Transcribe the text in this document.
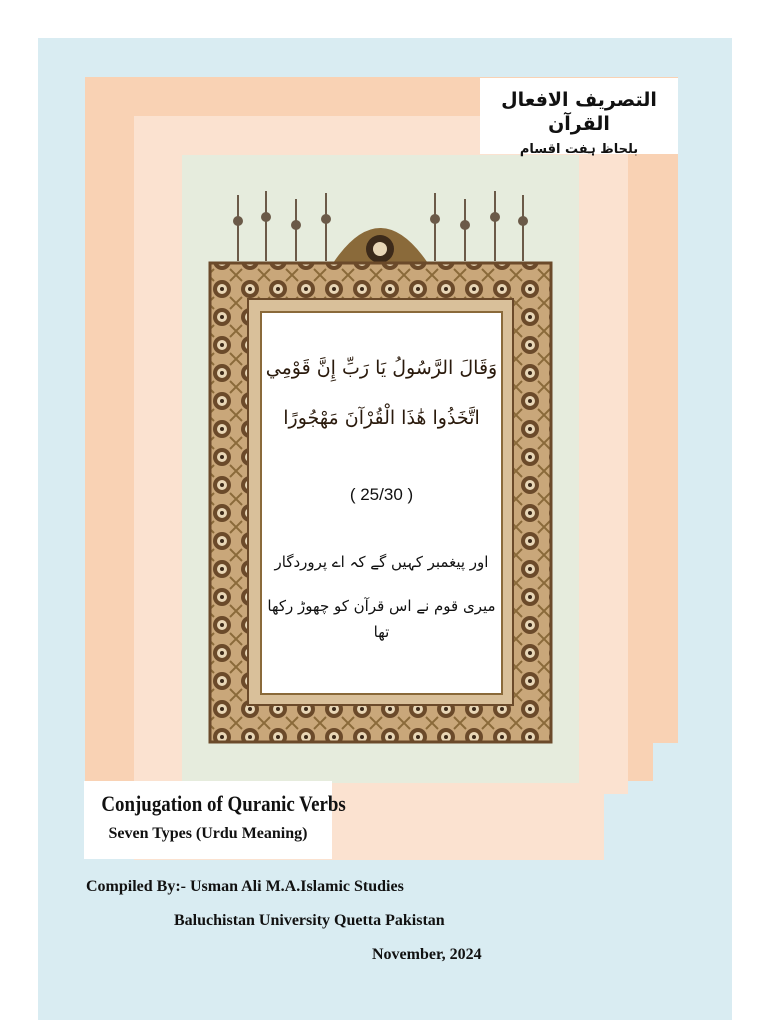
التصریف الافعال القرآن
بلحاظ ہفت اقسام
وَقَالَ الرَّسُولُ يَا رَبِّ إِنَّ قَوْمِي
اتَّخَذُوا هَٰذَا الْقُرْآنَ مَهْجُورًا
( 25/30 )
اور پیغمبر کہیں گے کہ اے پروردگار
میری قوم نے اس قرآن کو چھوڑ رکھا تھا
Conjugation of Quranic Verbs
Seven Types (Urdu Meaning)
Compiled By:- Usman Ali M.A.Islamic Studies
Baluchistan University Quetta Pakistan
November, 2024
